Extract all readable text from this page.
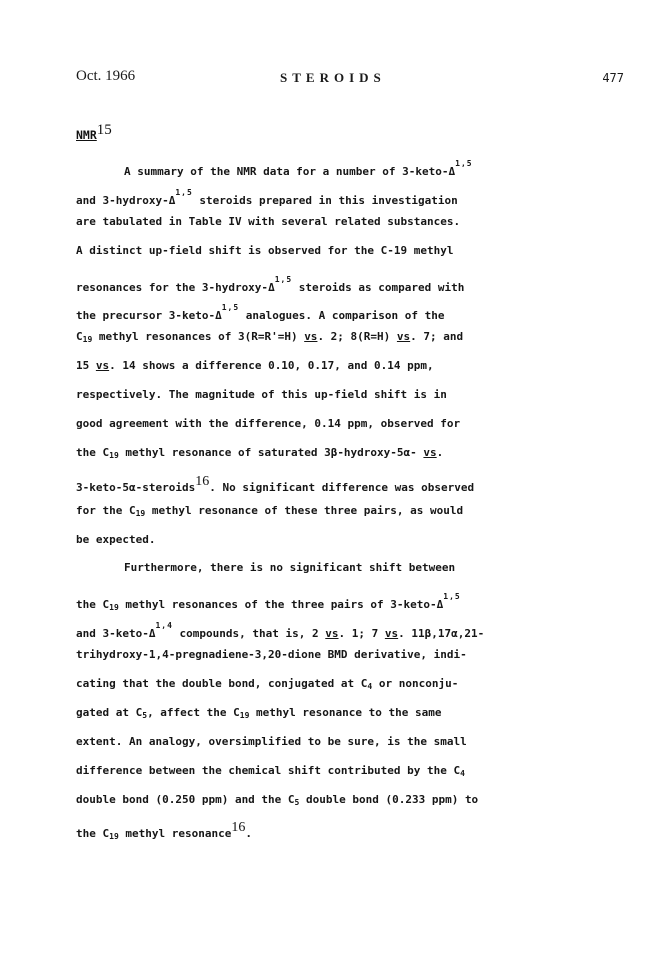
Oct. 1966	STEROIDS	477
NMR$^{15}$
A summary of the NMR data for a number of $3-keto-\Delta^{1,5}$
and $3-hydroxy-\Delta^{1,5}$ steroids prepared in this investigation
are tabulated in Table IV with several related substances.
A distinct up-field shift is observed for the C-19 methyl
resonances for the $3-hydroxy-\Delta^{1,5}$ steroids as compared with
the precursor $3-keto-\Delta^{1,5}$ analogues. A comparison of the
C19 methyl resonances of 3(R=R'=H) vs. 2; 8(R=H) vs. 7; and
15 vs. 14 shows a difference 0.10, 0.17, and 0.14 ppm,
respectively. The magnitude of this up-field shift is in
good agreement with the difference, 0.14 ppm, observed for
the C19 methyl resonance of saturated 3β-hydroxy-5α- vs.
3-keto-5α-steroids16. No significant difference was observed
for the C19 methyl resonance of these three pairs, as would
be expected.
Furthermore, there is no significant shift between
the C19 methyl resonances of the three pairs of $3-keto-\Delta^{1,5}$
and $3-keto-\Delta^{1,4}$ compounds, that is, 2 vs. 1; 7 vs. 11β,17α,21-
trihydroxy-1,4-pregnadiene-3,20-dione BMD derivative, indi-
cating that the double bond, conjugated at C4 or nonconju-
gated at C5, affect the C19 methyl resonance to the same
extent. An analogy, oversimplified to be sure, is the small
difference between the chemical shift contributed by the C4
double bond (0.250 ppm) and the C5 double bond (0.233 ppm) to
the C19 methyl resonance16.
